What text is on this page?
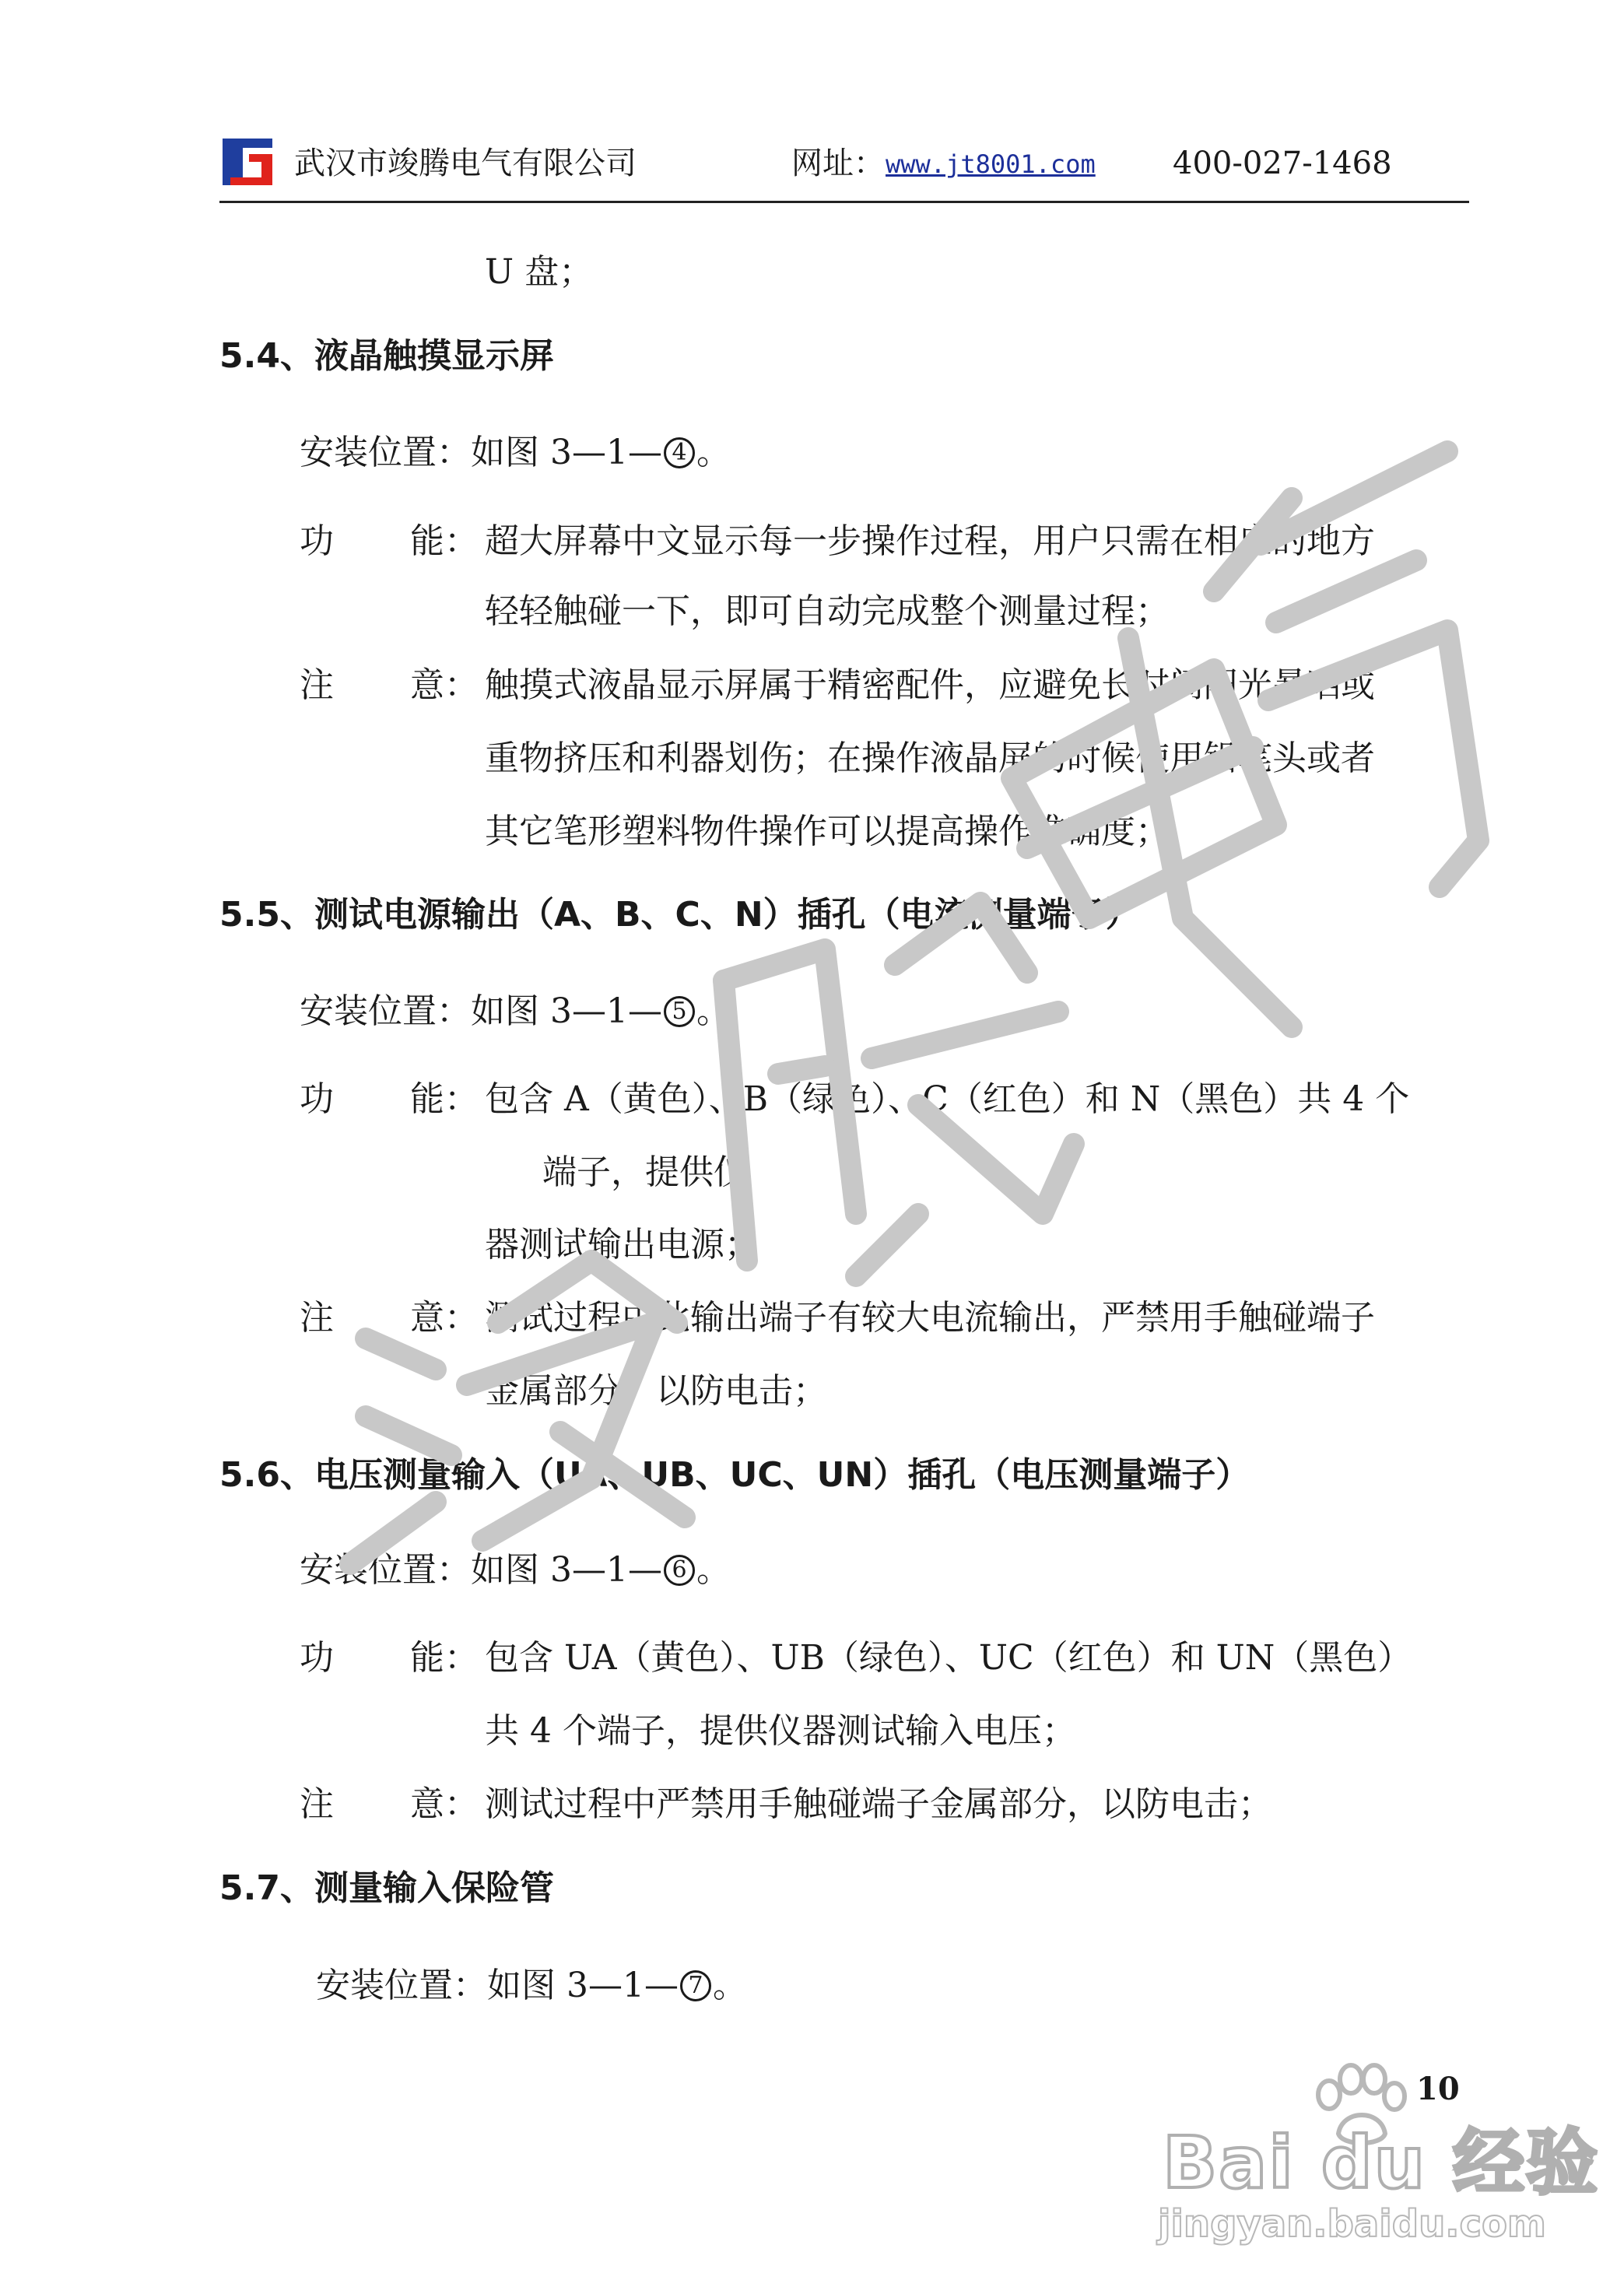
武汉市竣腾电气有限公司	网址： www.jt8001.com 400-027-1468
U 盘；
5.4、液晶触摸显示屏
安装位置：如图 3—1— 4 。
功 能： 超大屏幕中文显示每一步操作过程，用户只需在相应的地方
轻轻触碰一下，即可自动完成整个测量过程；
注 意： 触摸式液晶显示屏属于精密配件，应避免长时间阳光暴晒或
重物挤压和利器划伤；在操作液晶屏的时候使用铅笔头或者
其它笔形塑料物件操作可以提高操作准确度；
5.5、测试电源输出（A、B、C、N）插孔（电流测量端子）
安装位置：如图 3—1— 5 。
功 能： 包含 A（黄色）、B（绿色）、C（红色）和 N（黑色）共 4 个
端子，提供仪
器测试输出电源；
注 意： 测试过程中此输出端子有较大电流输出，严禁用手触碰端子
金属部分，以防电击；
5.6、电压测量输入（UA、UB、UC、UN）插孔（电压测量端子）
安装位置：如图 3—1— 6 。
功 能： 包含 UA（黄色）、UB（绿色）、UC（红色）和 UN（黑色）
共 4 个端子，提供仪器测试输入电压；
注 意： 测试过程中严禁用手触碰端子金属部分，以防电击；
5.7、测量输入保险管
安装位置：如图 3—1— 7 。
10
Bai du 经验
jingyan.baidu.com
